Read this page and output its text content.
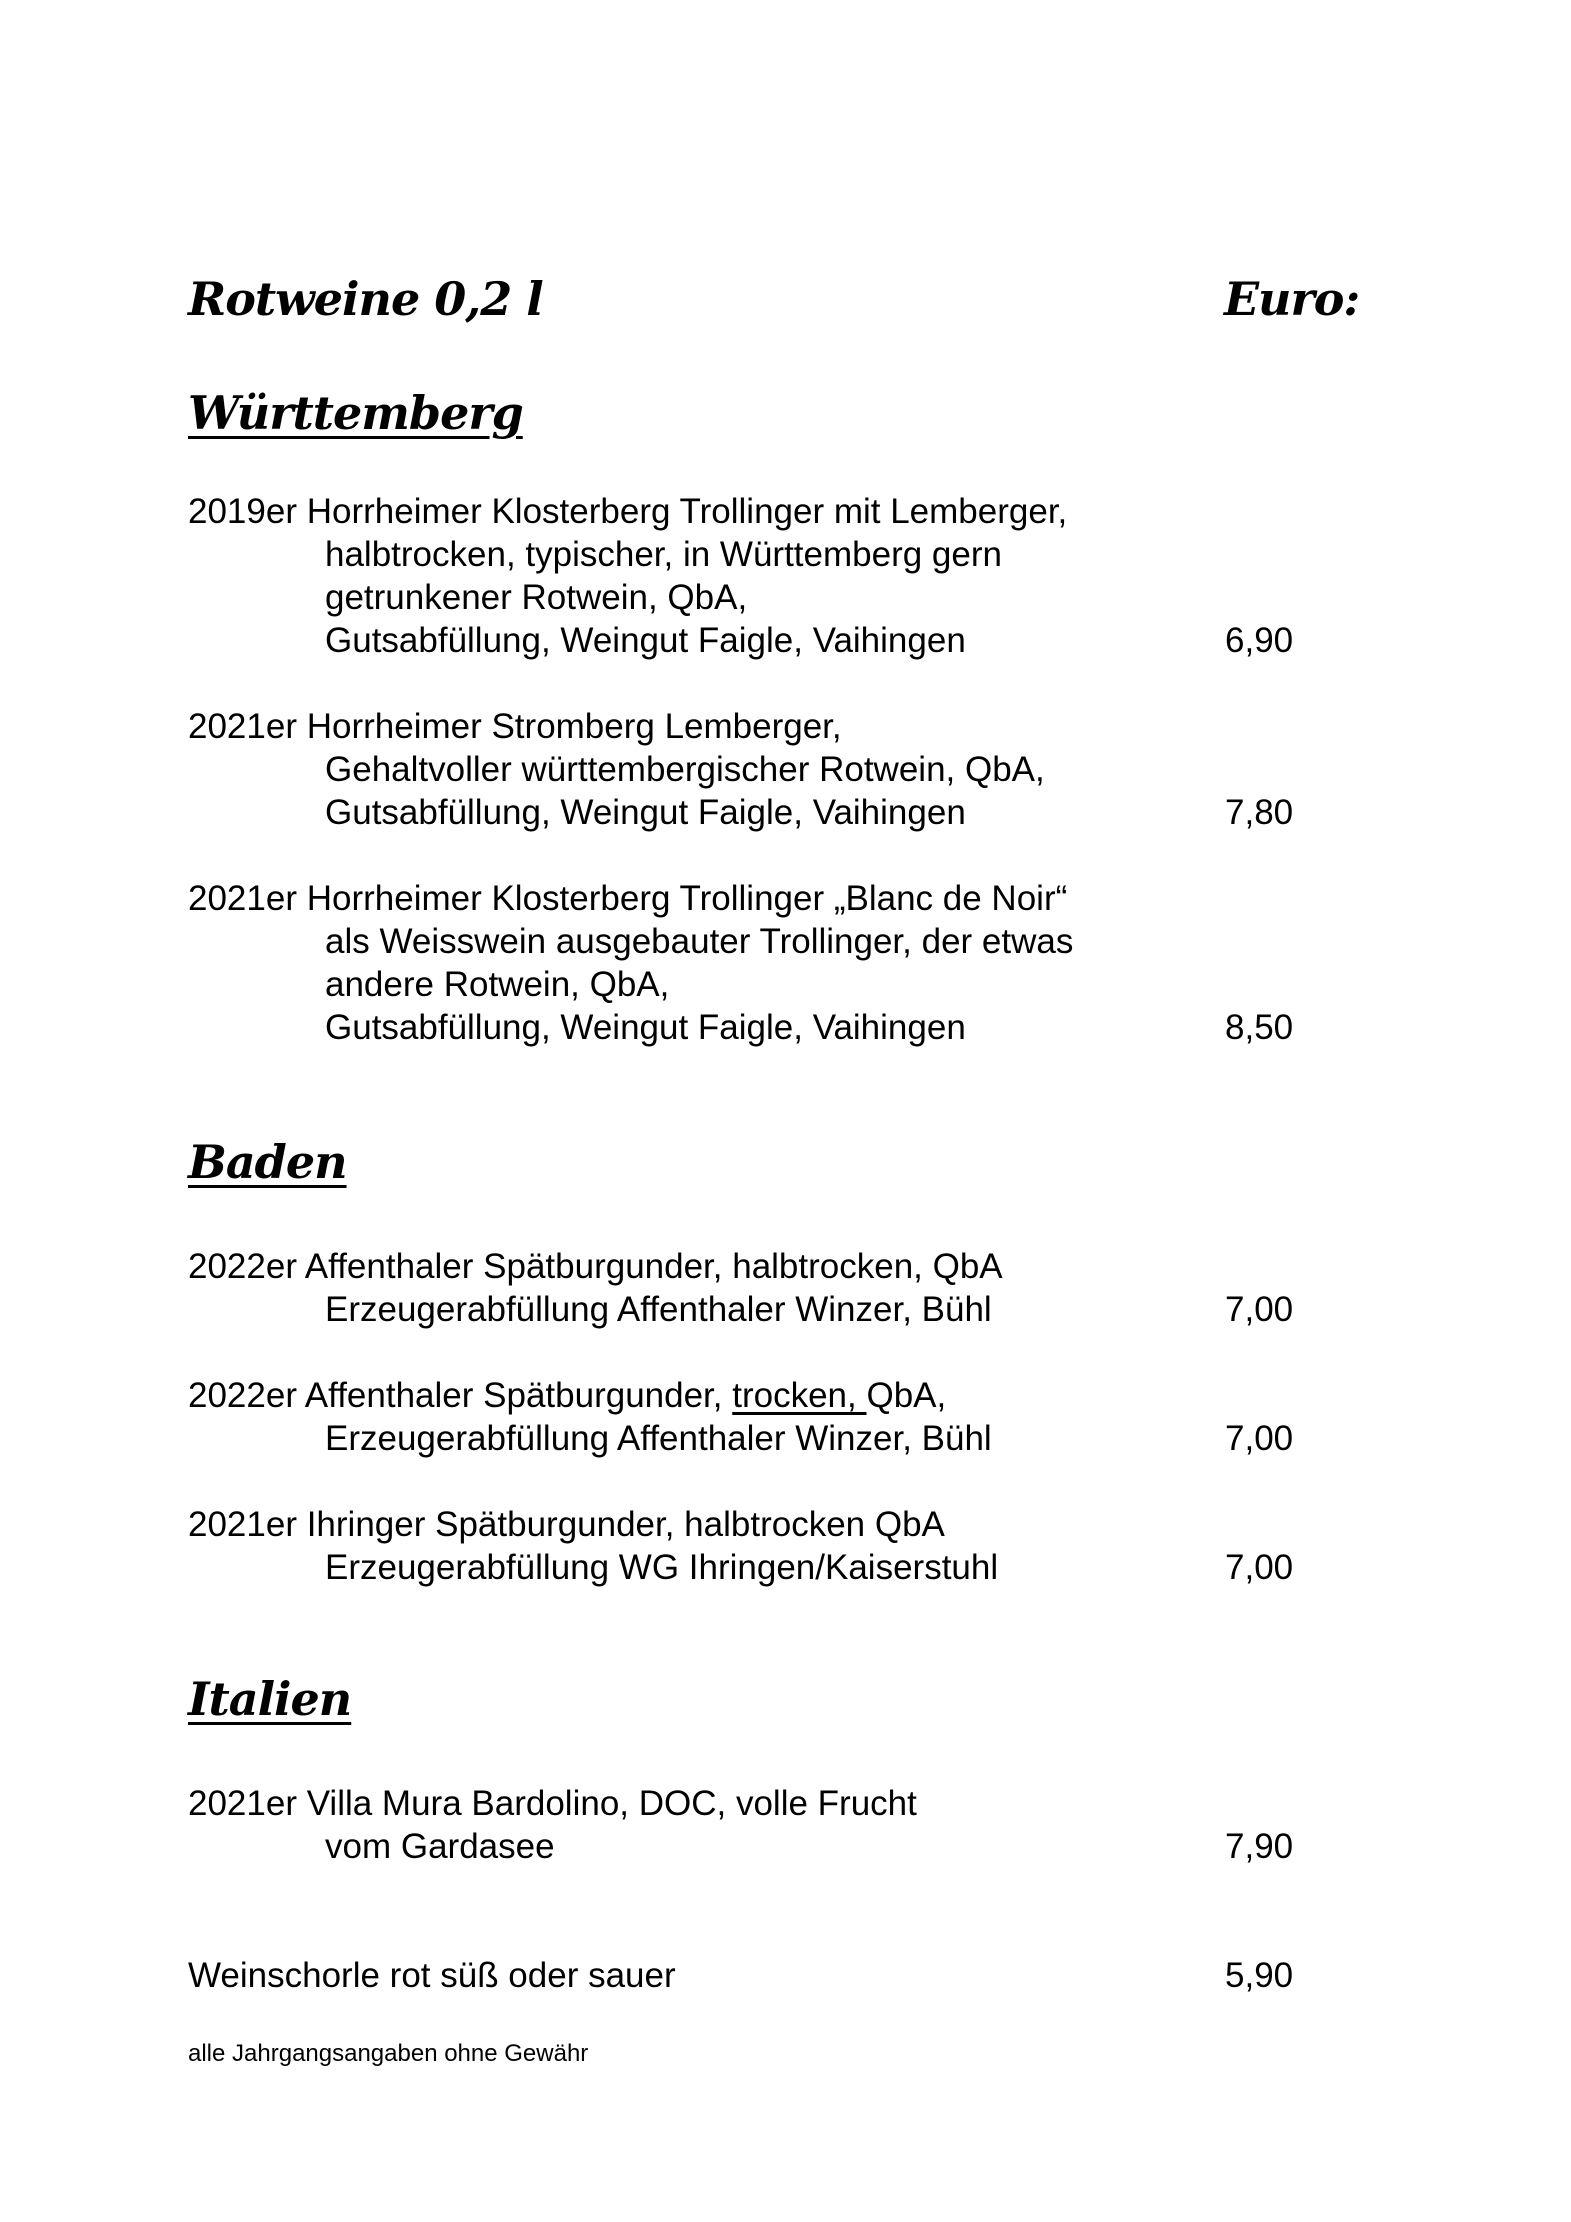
Rotweine 0,2 l	Euro:
Württemberg
2019er Horrheimer Klosterberg Trollinger mit Lemberger,
halbtrocken, typischer, in Württemberg gern
getrunkener Rotwein, QbA,
Gutsabfüllung, Weingut Faigle, Vaihingen	6,90
2021er Horrheimer Stromberg Lemberger,
Gehaltvoller württembergischer Rotwein, QbA,
Gutsabfüllung, Weingut Faigle, Vaihingen	7,80
2021er Horrheimer Klosterberg Trollinger „Blanc de Noir“
als Weisswein ausgebauter Trollinger, der etwas
andere Rotwein, QbA,
Gutsabfüllung, Weingut Faigle, Vaihingen	8,50
Baden
2022er Affenthaler Spätburgunder, halbtrocken, QbA
Erzeugerabfüllung Affenthaler Winzer, Bühl	7,00
2022er Affenthaler Spätburgunder, trocken, QbA,
Erzeugerabfüllung Affenthaler Winzer, Bühl	7,00
2021er Ihringer Spätburgunder, halbtrocken QbA
Erzeugerabfüllung WG Ihringen/Kaiserstuhl	7,00
Italien
2021er Villa Mura Bardolino, DOC, volle Frucht
vom Gardasee	7,90
Weinschorle rot süß oder sauer	5,90
alle Jahrgangsangaben ohne Gewähr
